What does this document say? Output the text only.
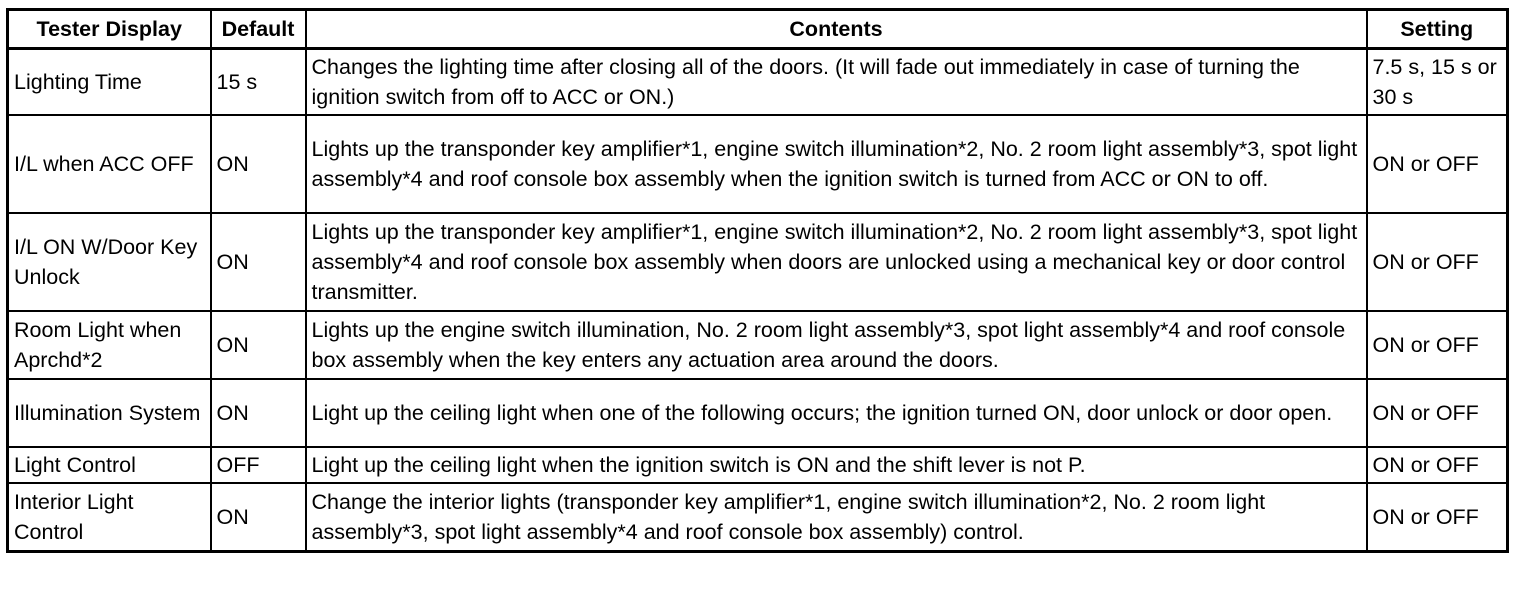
Tester Display	Default	Contents	Setting
Lighting Time	15 s	Changes the lighting time after closing all of the doors. (It will fade out immediately in case of turning the ignition switch from off to ACC or ON.)	7.5 s, 15 s or 30 s
I/L when ACC OFF	ON	Lights up the transponder key amplifier*1, engine switch illumination*2, No. 2 room light assembly*3, spot light assembly*4 and roof console box assembly when the ignition switch is turned from ACC or ON to off.	ON or OFF
I/L ON W/Door Key Unlock	ON	Lights up the transponder key amplifier*1, engine switch illumination*2, No. 2 room light assembly*3, spot light assembly*4 and roof console box assembly when doors are unlocked using a mechanical key or door control transmitter.	ON or OFF
Room Light when Aprchd*2	ON	Lights up the engine switch illumination, No. 2 room light assembly*3, spot light assembly*4 and roof console box assembly when the key enters any actuation area around the doors.	ON or OFF
Illumination System	ON	Light up the ceiling light when one of the following occurs; the ignition turned ON, door unlock or door open.	ON or OFF
Light Control	OFF	Light up the ceiling light when the ignition switch is ON and the shift lever is not P.	ON or OFF
Interior Light Control	ON	Change the interior lights (transponder key amplifier*1, engine switch illumination*2, No. 2 room light assembly*3, spot light assembly*4 and roof console box assembly) control.	ON or OFF
